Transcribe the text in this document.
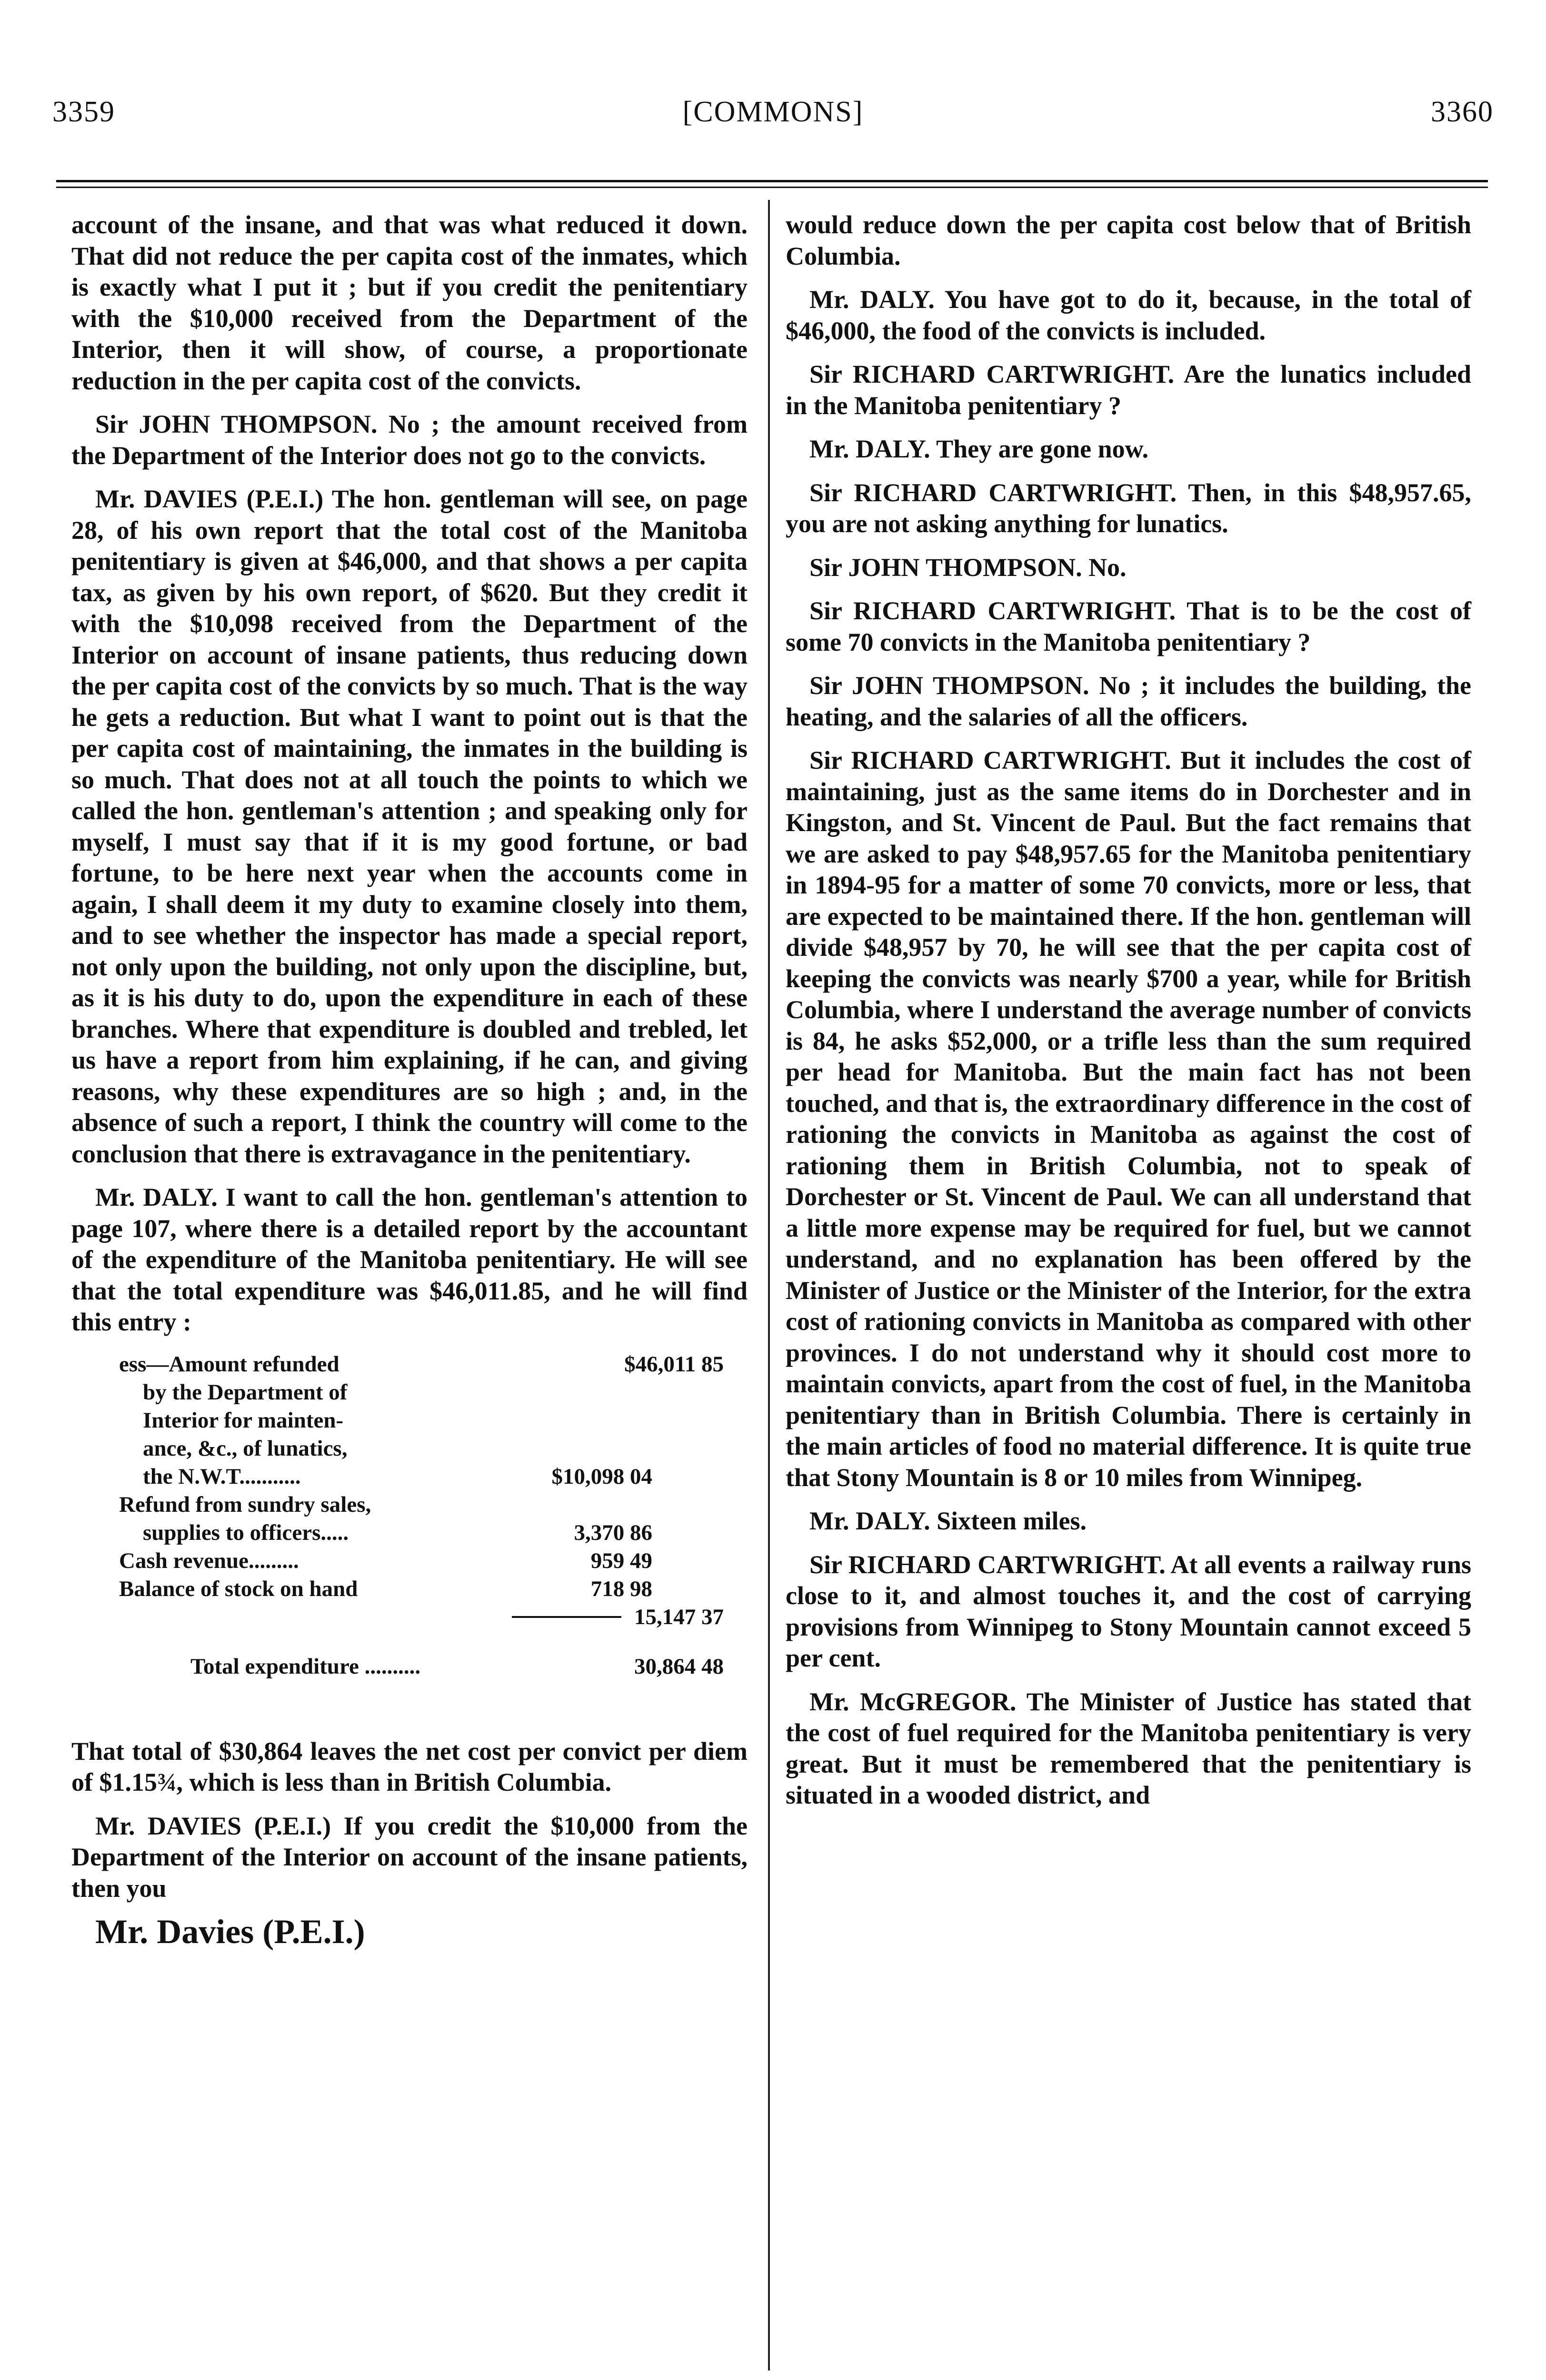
3359	[COMMONS]	3360

account of the insane, and that was what reduced it down. That did not reduce the per capita cost of the inmates, which is exactly what I put it ; but if you credit the penitentiary with the $10,000 received from the Department of the Interior, then it will show, of course, a proportionate reduction in the per capita cost of the convicts.

Sir JOHN THOMPSON. No ; the amount received from the Department of the Interior does not go to the convicts.

Mr. DAVIES (P.E.I.) The hon. gentleman will see, on page 28, of his own report that the total cost of the Manitoba penitentiary is given at $46,000, and that shows a per capita tax, as given by his own report, of $620. But they credit it with the $10,098 received from the Department of the Interior on account of insane patients, thus reducing down the per capita cost of the convicts by so much. That is the way he gets a reduction. But what I want to point out is that the per capita cost of maintaining, the inmates in the building is so much. That does not at all touch the points to which we called the hon. gentleman's attention ; and speaking only for myself, I must say that if it is my good fortune, or bad fortune, to be here next year when the accounts come in again, I shall deem it my duty to examine closely into them, and to see whether the inspector has made a special report, not only upon the building, not only upon the discipline, but, as it is his duty to do, upon the expenditure in each of these branches. Where that expenditure is doubled and trebled, let us have a report from him explaining, if he can, and giving reasons, why these expenditures are so high ; and, in the absence of such a report, I think the country will come to the conclusion that there is extravagance in the penitentiary.

Mr. DALY. I want to call the hon. gentleman's attention to page 107, where there is a detailed report by the accountant of the expenditure of the Manitoba penitentiary. He will see that the total expenditure was $46,011.85, and he will find this entry :

ess—Amount refunded	$46,011 85
by the Department of
Interior for mainten-
ance, &c., of lunatics,
the N.W.T...........	$10,098 04
Refund from sundry sales,
supplies to officers.....	3,370 86
Cash revenue.........	959 49
Balance of stock on hand	718 98
15,147 37
Total expenditure ..........	30,864 48

That total of $30,864 leaves the net cost per convict per diem of $1.15¾, which is less than in British Columbia.

Mr. DAVIES (P.E.I.) If you credit the $10,000 from the Department of the Interior on account of the insane patients, then you

Mr. Davies (P.E.I.)

would reduce down the per capita cost below that of British Columbia.

Mr. DALY. You have got to do it, because, in the total of $46,000, the food of the convicts is included.

Sir RICHARD CARTWRIGHT. Are the lunatics included in the Manitoba penitentiary ?

Mr. DALY. They are gone now.

Sir RICHARD CARTWRIGHT. Then, in this $48,957.65, you are not asking anything for lunatics.

Sir JOHN THOMPSON. No.

Sir RICHARD CARTWRIGHT. That is to be the cost of some 70 convicts in the Manitoba penitentiary ?

Sir JOHN THOMPSON. No ; it includes the building, the heating, and the salaries of all the officers.

Sir RICHARD CARTWRIGHT. But it includes the cost of maintaining, just as the same items do in Dorchester and in Kingston, and St. Vincent de Paul. But the fact remains that we are asked to pay $48,957.65 for the Manitoba penitentiary in 1894-95 for a matter of some 70 convicts, more or less, that are expected to be maintained there. If the hon. gentleman will divide $48,957 by 70, he will see that the per capita cost of keeping the convicts was nearly $700 a year, while for British Columbia, where I understand the average number of convicts is 84, he asks $52,000, or a trifle less than the sum required per head for Manitoba. But the main fact has not been touched, and that is, the extraordinary difference in the cost of rationing the convicts in Manitoba as against the cost of rationing them in British Columbia, not to speak of Dorchester or St. Vincent de Paul. We can all understand that a little more expense may be required for fuel, but we cannot understand, and no explanation has been offered by the Minister of Justice or the Minister of the Interior, for the extra cost of rationing convicts in Manitoba as compared with other provinces. I do not understand why it should cost more to maintain convicts, apart from the cost of fuel, in the Manitoba penitentiary than in British Columbia. There is certainly in the main articles of food no material difference. It is quite true that Stony Mountain is 8 or 10 miles from Winnipeg.

Mr. DALY. Sixteen miles.

Sir RICHARD CARTWRIGHT. At all events a railway runs close to it, and almost touches it, and the cost of carrying provisions from Winnipeg to Stony Mountain cannot exceed 5 per cent.

Mr. McGREGOR. The Minister of Justice has stated that the cost of fuel required for the Manitoba penitentiary is very great. But it must be remembered that the penitentiary is situated in a wooded district, and
